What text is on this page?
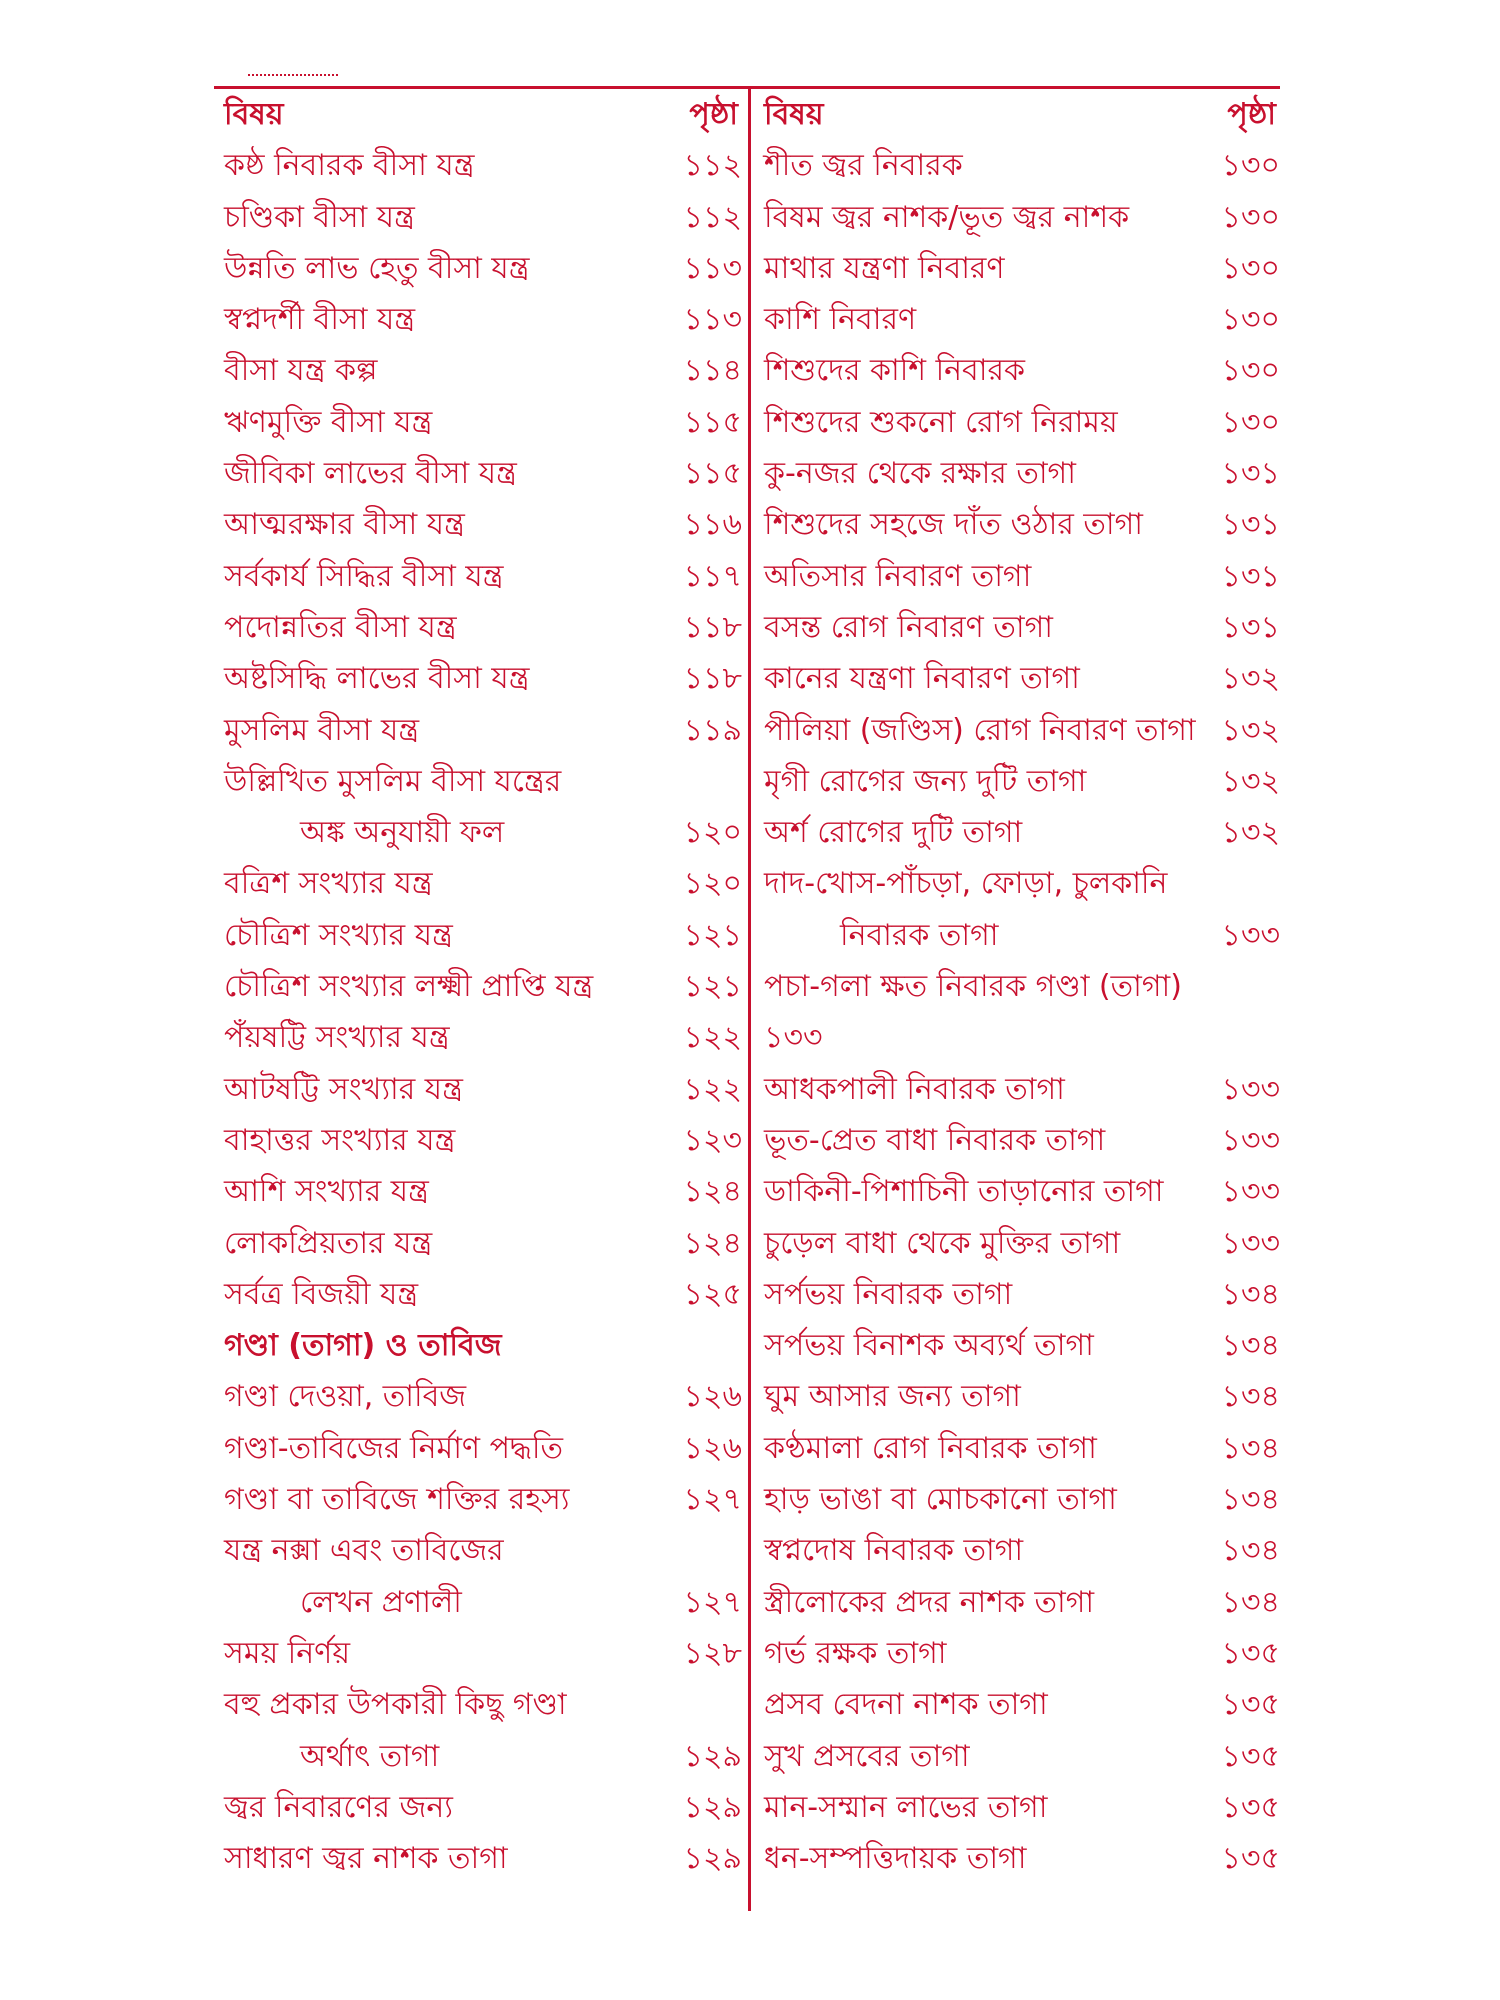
বিষয়	পৃষ্ঠা
কষ্ঠ নিবারক বীসা যন্ত্র	১১২
চণ্ডিকা বীসা যন্ত্র	১১২
উন্নতি লাভ হেতু বীসা যন্ত্র	১১৩
স্বপ্নদর্শী বীসা যন্ত্র	১১৩
বীসা যন্ত্র কল্প	১১৪
ঋণমুক্তি বীসা যন্ত্র	১১৫
জীবিকা লাভের বীসা যন্ত্র	১১৫
আত্মরক্ষার বীসা যন্ত্র	১১৬
সর্বকার্য সিদ্ধির বীসা যন্ত্র	১১৭
পদোন্নতির বীসা যন্ত্র	১১৮
অষ্টসিদ্ধি লাভের বীসা যন্ত্র	১১৮
মুসলিম বীসা যন্ত্র	১১৯
উল্লিখিত মুসলিম বীসা যন্ত্রের
অঙ্ক অনুযায়ী ফল	১২০
বত্রিশ সংখ্যার যন্ত্র	১২০
চৌত্রিশ সংখ্যার যন্ত্র	১২১
চৌত্রিশ সংখ্যার লক্ষ্মী প্রাপ্তি যন্ত্র	১২১
পঁয়ষট্টি সংখ্যার যন্ত্র	১২২
আটষট্টি সংখ্যার যন্ত্র	১২২
বাহাত্তর সংখ্যার যন্ত্র	১২৩
আশি সংখ্যার যন্ত্র	১২৪
লোকপ্রিয়তার যন্ত্র	১২৪
সর্বত্র বিজয়ী যন্ত্র	১২৫
গণ্ডা (তাগা) ও তাবিজ
গণ্ডা দেওয়া, তাবিজ	১২৬
গণ্ডা-তাবিজের নির্মাণ পদ্ধতি	১২৬
গণ্ডা বা তাবিজে শক্তির রহস্য	১২৭
যন্ত্র নক্সা এবং তাবিজের
লেখন প্রণালী	১২৭
সময় নির্ণয়	১২৮
বহু প্রকার উপকারী কিছু গণ্ডা
অর্থাৎ তাগা	১২৯
জ্বর নিবারণের জন্য	১২৯
সাধারণ জ্বর নাশক তাগা	১২৯
বিষয়	পৃষ্ঠা
শীত জ্বর নিবারক	১৩০
বিষম জ্বর নাশক/ভূত জ্বর নাশক	১৩০
মাথার যন্ত্রণা নিবারণ	১৩০
কাশি নিবারণ	১৩০
শিশুদের কাশি নিবারক	১৩০
শিশুদের শুকনো রোগ নিরাময়	১৩০
কু-নজর থেকে রক্ষার তাগা	১৩১
শিশুদের সহজে দাঁত ওঠার তাগা	১৩১
অতিসার নিবারণ তাগা	১৩১
বসন্ত রোগ নিবারণ তাগা	১৩১
কানের যন্ত্রণা নিবারণ তাগা	১৩২
পীলিয়া (জণ্ডিস) রোগ নিবারণ তাগা ১৩২
মৃগী রোগের জন্য দুটি তাগা	১৩২
অর্শ রোগের দুটি তাগা	১৩২
দাদ-খোস-পাঁচড়া, ফোড়া, চুলকানি
নিবারক তাগা	১৩৩
পচা-গলা ক্ষত নিবারক গণ্ডা (তাগা)
১৩৩
আধকপালী নিবারক তাগা	১৩৩
ভূত-প্রেত বাধা নিবারক তাগা	১৩৩
ডাকিনী-পিশাচিনী তাড়ানোর তাগা ১৩৩
চুড়েল বাধা থেকে মুক্তির তাগা	১৩৩
সর্পভয় নিবারক তাগা	১৩৪
সর্পভয় বিনাশক অব্যর্থ তাগা	১৩৪
ঘুম আসার জন্য তাগা	১৩৪
কণ্ঠমালা রোগ নিবারক তাগা	১৩৪
হাড় ভাঙা বা মোচকানো তাগা	১৩৪
স্বপ্নদোষ নিবারক তাগা	১৩৪
স্ত্রীলোকের প্রদর নাশক তাগা	১৩৪
গর্ভ রক্ষক তাগা	১৩৫
প্রসব বেদনা নাশক তাগা	১৩৫
সুখ প্রসবের তাগা	১৩৫
মান-সম্মান লাভের তাগা	১৩৫
ধন-সম্পত্তিদায়ক তাগা	১৩৫
